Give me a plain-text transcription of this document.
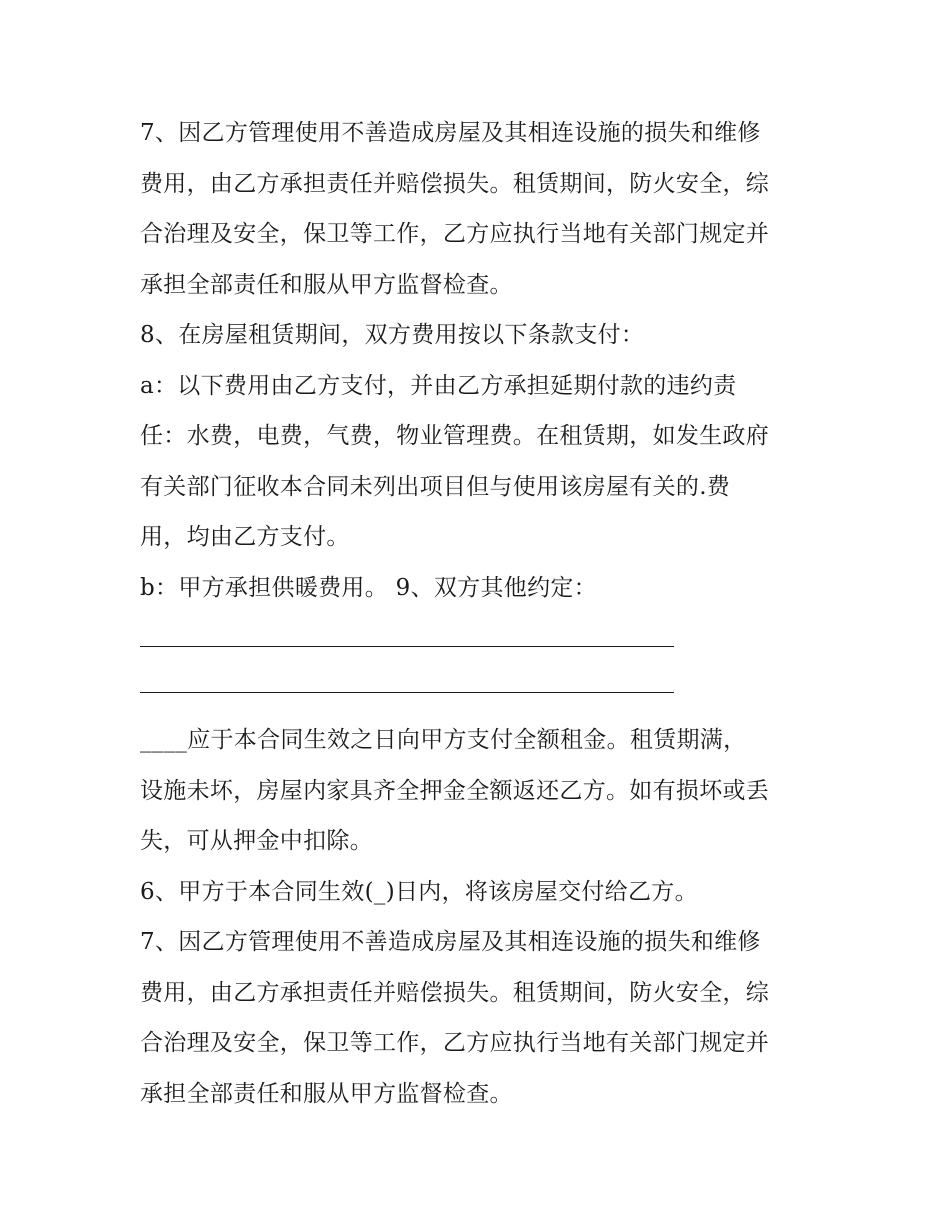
7、因乙方管理使用不善造成房屋及其相连设施的损失和维修
费用，由乙方承担责任并赔偿损失。租赁期间，防火安全，综
合治理及安全，保卫等工作，乙方应执行当地有关部门规定并
承担全部责任和服从甲方监督检查。
8、在房屋租赁期间，双方费用按以下条款支付：
a：以下费用由乙方支付，并由乙方承担延期付款的违约责
任：水费，电费，气费，物业管理费。在租赁期，如发生政府
有关部门征收本合同未列出项目但与使用该房屋有关的.费
用，均由乙方支付。
b：甲方承担供暖费用。 9、双方其他约定：
____应于本合同生效之日向甲方支付全额租金。租赁期满，
设施未坏，房屋内家具齐全押金全额返还乙方。如有损坏或丢
失，可从押金中扣除。
6、甲方于本合同生效(_)日内，将该房屋交付给乙方。
7、因乙方管理使用不善造成房屋及其相连设施的损失和维修
费用，由乙方承担责任并赔偿损失。租赁期间，防火安全，综
合治理及安全，保卫等工作，乙方应执行当地有关部门规定并
承担全部责任和服从甲方监督检查。
